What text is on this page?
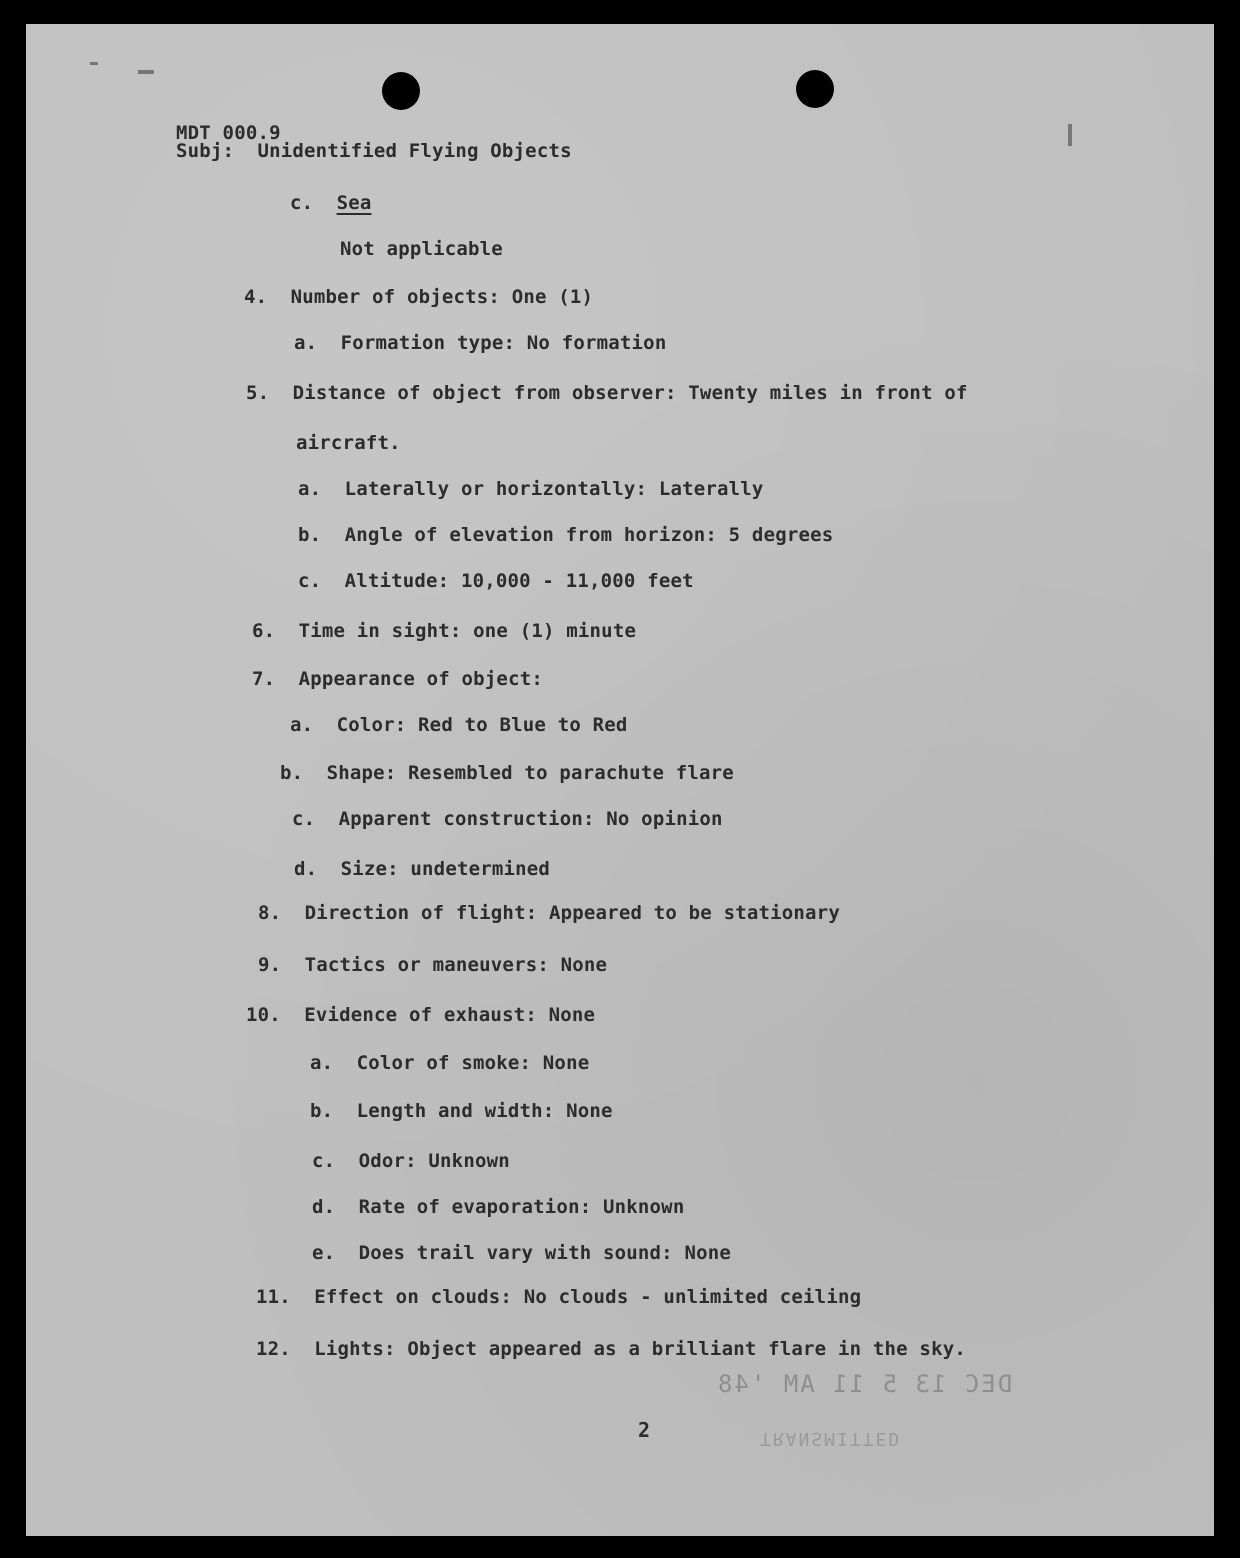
MDT 000.9
Subj: Unidentified Flying Objects
c. Sea
Not applicable
4. Number of objects: One (1)
a. Formation type: No formation
5. Distance of object from observer: Twenty miles in front of
aircraft.
a. Laterally or horizontally: Laterally
b. Angle of elevation from horizon: 5 degrees
c. Altitude: 10,000 - 11,000 feet
6. Time in sight: one (1) minute
7. Appearance of object:
a. Color: Red to Blue to Red
b. Shape: Resembled to parachute flare
c. Apparent construction: No opinion
d. Size: undetermined
8. Direction of flight: Appeared to be stationary
9. Tactics or maneuvers: None
10. Evidence of exhaust: None
a. Color of smoke: None
b. Length and width: None
c. Odor: Unknown
d. Rate of evaporation: Unknown
e. Does trail vary with sound: None
11. Effect on clouds: No clouds - unlimited ceiling
12. Lights: Object appeared as a brilliant flare in the sky.
DEC 13 5 11 AM '48
2	TRANSMITTED
